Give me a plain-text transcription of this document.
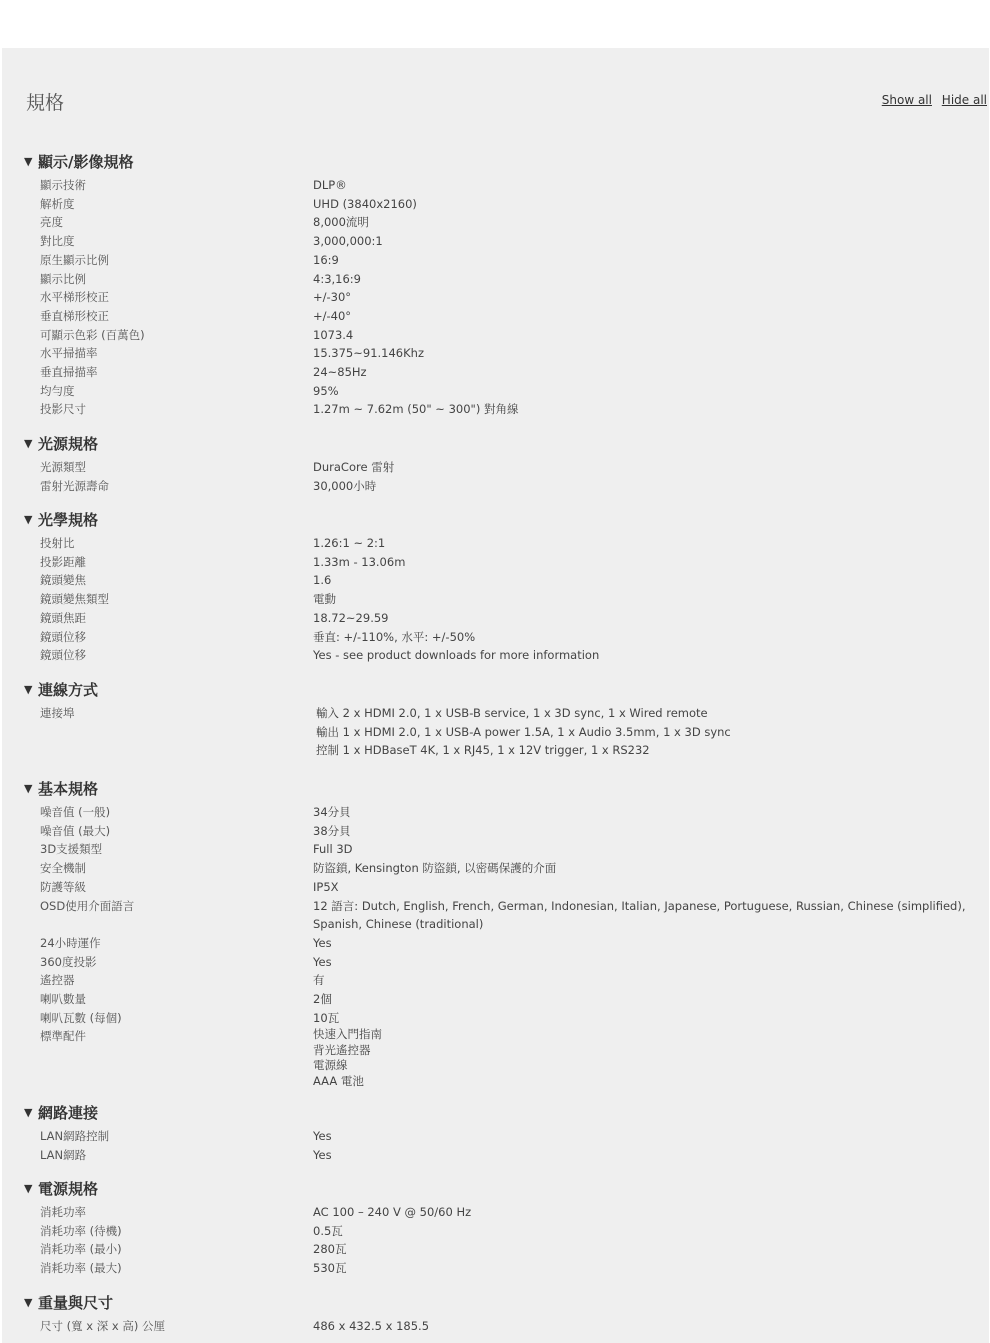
規格	Show all Hide all
▼ 顯示/影像規格
顯示技術	DLP®
解析度	UHD (3840x2160)
亮度	8,000流明
對比度	3,000,000:1
原生顯示比例	16:9
顯示比例	4:3,16:9
水平梯形校正	+/-30°
垂直梯形校正	+/-40°
可顯示色彩 (百萬色)	1073.4
水平掃描率	15.375~91.146Khz
垂直掃描率	24~85Hz
均勻度	95%
投影尺寸	1.27m ~ 7.62m (50" ~ 300") 對角線
▼ 光源規格
光源類型	DuraCore 雷射
雷射光源壽命	30,000小時
▼ 光學規格
投射比	1.26:1 ~ 2:1
投影距離	1.33m - 13.06m
鏡頭變焦	1.6
鏡頭變焦類型	電動
鏡頭焦距	18.72~29.59
鏡頭位移	垂直: +/-110%, 水平: +/-50%
鏡頭位移	Yes - see product downloads for more information
▼ 連線方式
連接埠	輸入 2 x HDMI 2.0, 1 x USB-B service, 1 x 3D sync, 1 x Wired remote
輸出 1 x HDMI 2.0, 1 x USB-A power 1.5A, 1 x Audio 3.5mm, 1 x 3D sync
控制 1 x HDBaseT 4K, 1 x RJ45, 1 x 12V trigger, 1 x RS232
▼ 基本規格
噪音值 (一般)	34分貝
噪音值 (最大)	38分貝
3D支援類型	Full 3D
安全機制	防盜鎖, Kensington 防盜鎖, 以密碼保護的介面
防護等級	IP5X
OSD使用介面語言	12 語言: Dutch, English, French, German, Indonesian, Italian, Japanese, Portuguese, Russian, Chinese (simplified), Spanish, Chinese (traditional)
24小時運作	Yes
360度投影	Yes
遙控器	有
喇叭數量	2個
喇叭瓦數 (每個)	10瓦
標準配件	快速入門指南
背光遙控器
電源線
AAA 電池
▼ 網路連接
LAN網路控制	Yes
LAN網路	Yes
▼ 電源規格
消耗功率	AC 100 – 240 V @ 50/60 Hz
消耗功率 (待機)	0.5瓦
消耗功率 (最小)	280瓦
消耗功率 (最大)	530瓦
▼ 重量與尺寸
尺寸 (寬 x 深 x 高) 公厘	486 x 432.5 x 185.5
